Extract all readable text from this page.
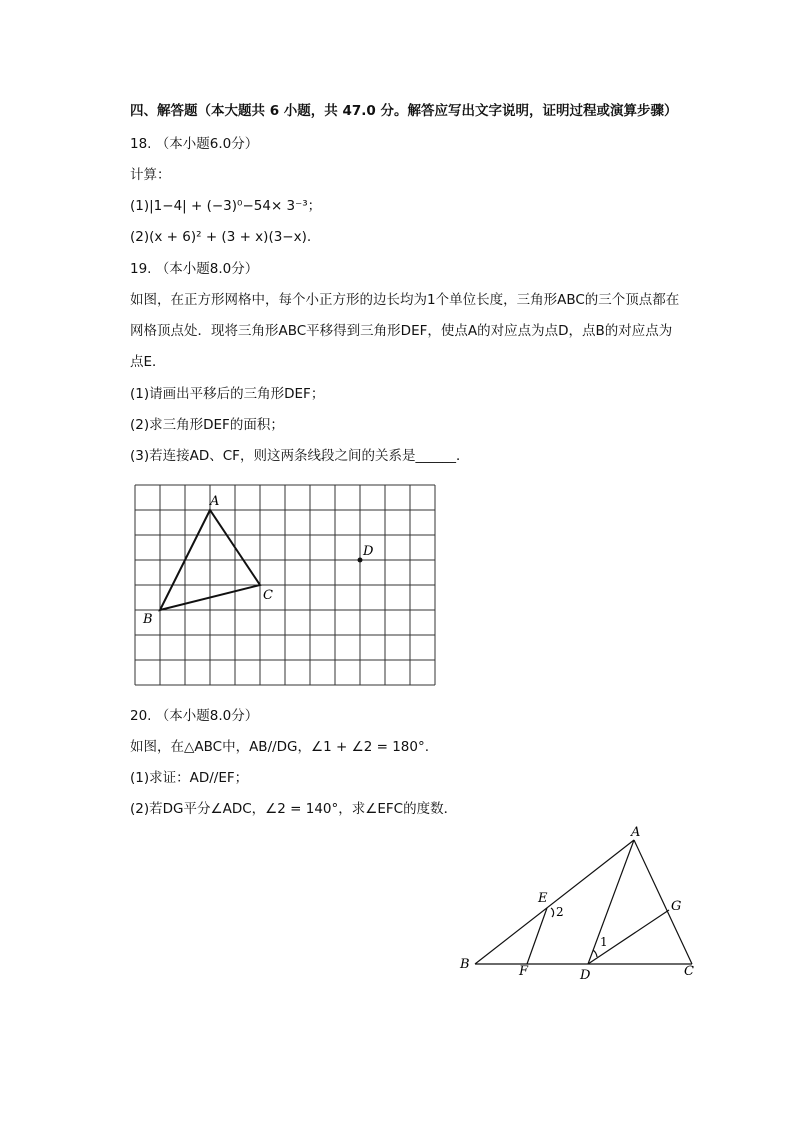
四、解答题（本大题共 6 小题，共 47.0 分。解答应写出文字说明，证明过程或演算步骤）
18. （本小题6.0分）
计算：
(1)|1−4| + (−3)⁰−54× 3⁻³；
(2)(x + 6)² + (3 + x)(3−x).
19. （本小题8.0分）
如图，在正方形网格中，每个小正方形的边长均为1个单位长度，三角形ABC的三个顶点都在
网格顶点处．现将三角形ABC平移得到三角形DEF，使点A的对应点为点D，点B的对应点为
点E．
(1)请画出平移后的三角形DEF；
(2)求三角形DEF的面积；
(3)若连接AD、CF，则这两条线段之间的关系是______．
A
B
C
D
20. （本小题8.0分）
如图，在△ABC中，AB//DG，∠1 + ∠2 = 180°.
(1)求证：AD//EF；
(2)若DG平分∠ADC，∠2 = 140°，求∠EFC的度数．
A
B	C
D
E
F
G
2
1
